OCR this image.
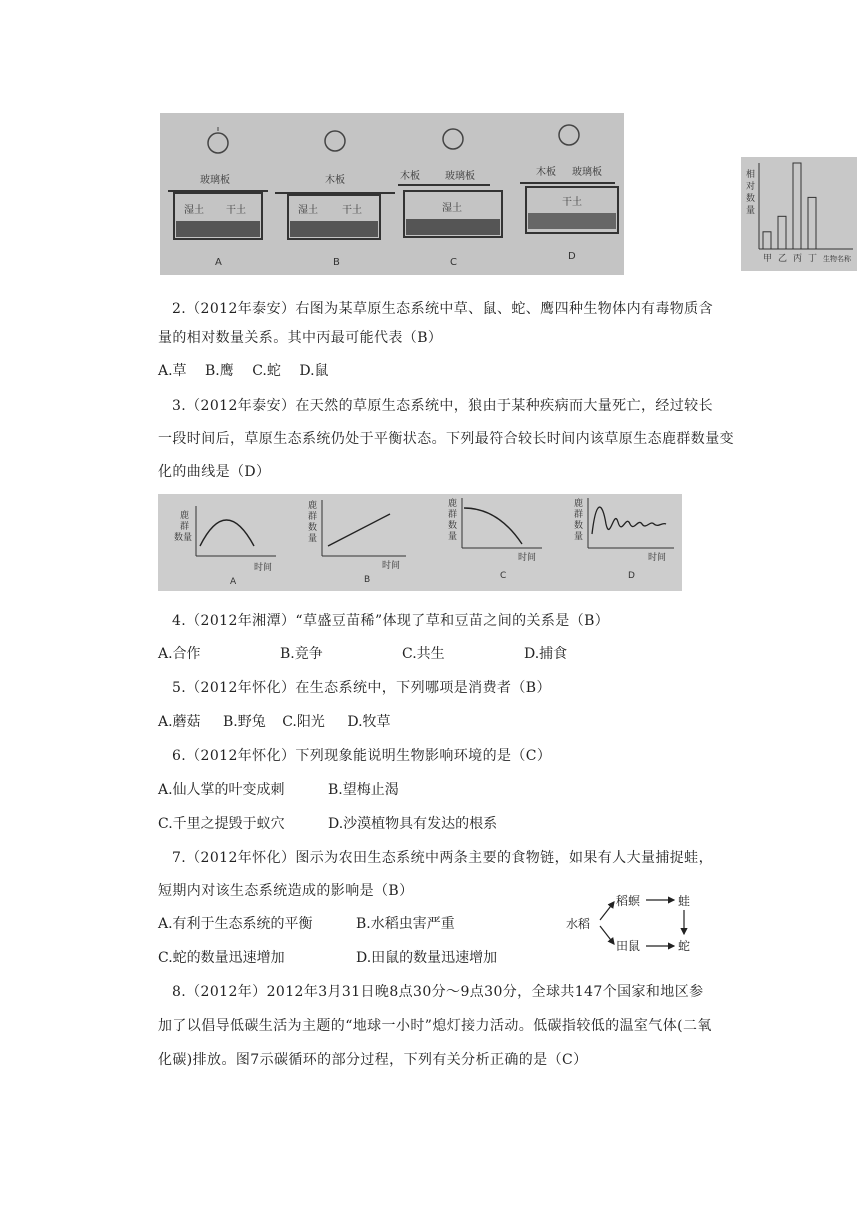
玻璃板
湿土 干土
A
木板
湿土 干土
B
木板	玻璃板
湿土
C
木板 玻璃板
干土
D
相
对
数
量
甲 乙 丙 丁 生物名称
2.（2012年泰安）右图为某草原生态系统中草、鼠、蛇、鹰四种生物体内有毒物质含
量的相对数量关系。其中丙最可能代表（B）
A.草 B.鹰 C.蛇 D.鼠
3.（2012年泰安）在天然的草原生态系统中，狼由于某种疾病而大量死亡，经过较长
一段时间后，草原生态系统仍处于平衡状态。下列最符合较长时间内该草原生态鹿群数量变
化的曲线是（D）
鹿
群
数量
时间
A
鹿
群
数
量
时间
B
鹿
群
数
量
时间
C
鹿
群
数
量
时间
D
4.（2012年湘潭）“草盛豆苗稀”体现了草和豆苗之间的关系是（B）
A.合作	B.竞争	C.共生	D.捕食
5.（2012年怀化）在生态系统中，下列哪项是消费者（B）
A.蘑菇 B.野兔 C.阳光 D.牧草
6.（2012年怀化）下列现象能说明生物影响环境的是（C）
A.仙人掌的叶变成刺	B.望梅止渴
C.千里之提毁于蚁穴	D.沙漠植物具有发达的根系
7.（2012年怀化）图示为农田生态系统中两条主要的食物链，如果有人大量捕捉蛙，
短期内对该生态系统造成的影响是（B）
A.有利于生态系统的平衡	B.水稻虫害严重
C.蛇的数量迅速增加	D.田鼠的数量迅速增加
水稻
稻螟	蛙
田鼠	蛇
8.（2012年）2012年3月31日晚8点30分～9点30分，全球共147个国家和地区参
加了以倡导低碳生活为主题的“地球一小时”熄灯接力活动。低碳指较低的温室气体(二氧
化碳)排放。图7示碳循环的部分过程，下列有关分析正确的是（C）
